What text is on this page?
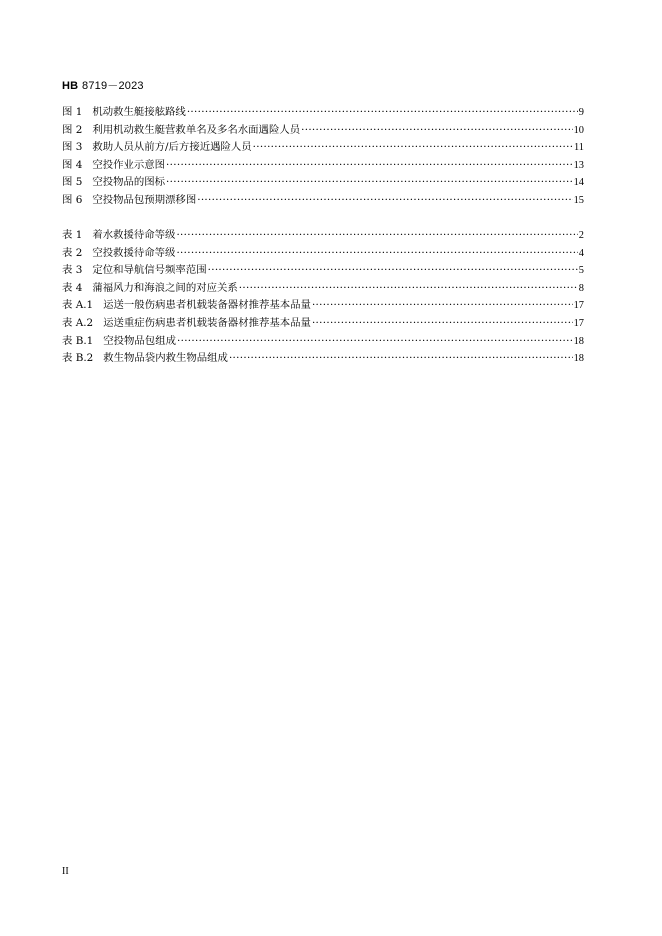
HB 8719－2023
图 1 机动救生艇接舷路线 ·····	9
图 2 利用机动救生艇营救单名及多名水面遇险人员 ·····	10
图 3 救助人员从前方/后方接近遇险人员 ·····	11
图 4 空投作业示意图 ·····	13
图 5 空投物品的图标 ·····	14
图 6 空投物品包预期漂移图 ·····	15
表 1 着水救援待命等级 ·····	2
表 2 空投救援待命等级 ·····	4
表 3 定位和导航信号频率范围 ·····	5
表 4 蒲福风力和海浪之间的对应关系 ·····	8
表 A.1 运送一般伤病患者机载装备器材推荐基本品量 ·····	17
表 A.2 运送重症伤病患者机载装备器材推荐基本品量 ·····	17
表 B.1 空投物品包组成 ·····	18
表 B.2 救生物品袋内救生物品组成 ·····	18
II
